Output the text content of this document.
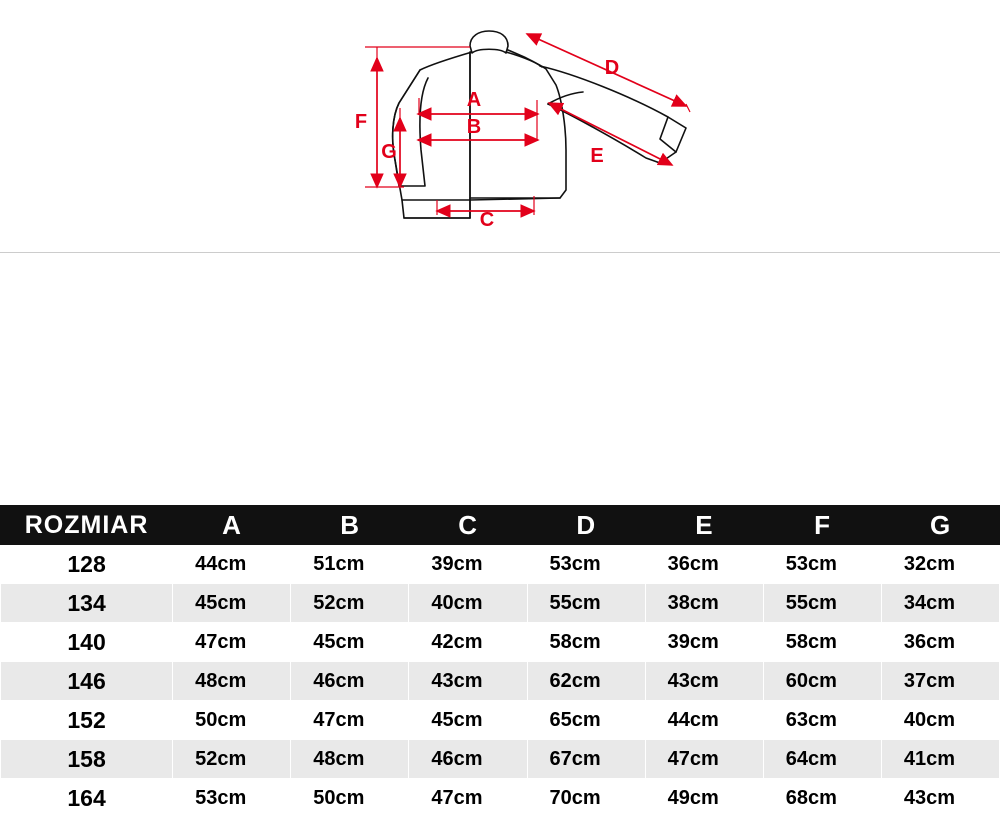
A
B
C
D
E
F
G
ROZMIAR	A	B	C	D	E	F	G
128	44cm	51cm	39cm	53cm	36cm	53cm	32cm
134	45cm	52cm	40cm	55cm	38cm	55cm	34cm
140	47cm	45cm	42cm	58cm	39cm	58cm	36cm
146	48cm	46cm	43cm	62cm	43cm	60cm	37cm
152	50cm	47cm	45cm	65cm	44cm	63cm	40cm
158	52cm	48cm	46cm	67cm	47cm	64cm	41cm
164	53cm	50cm	47cm	70cm	49cm	68cm	43cm
